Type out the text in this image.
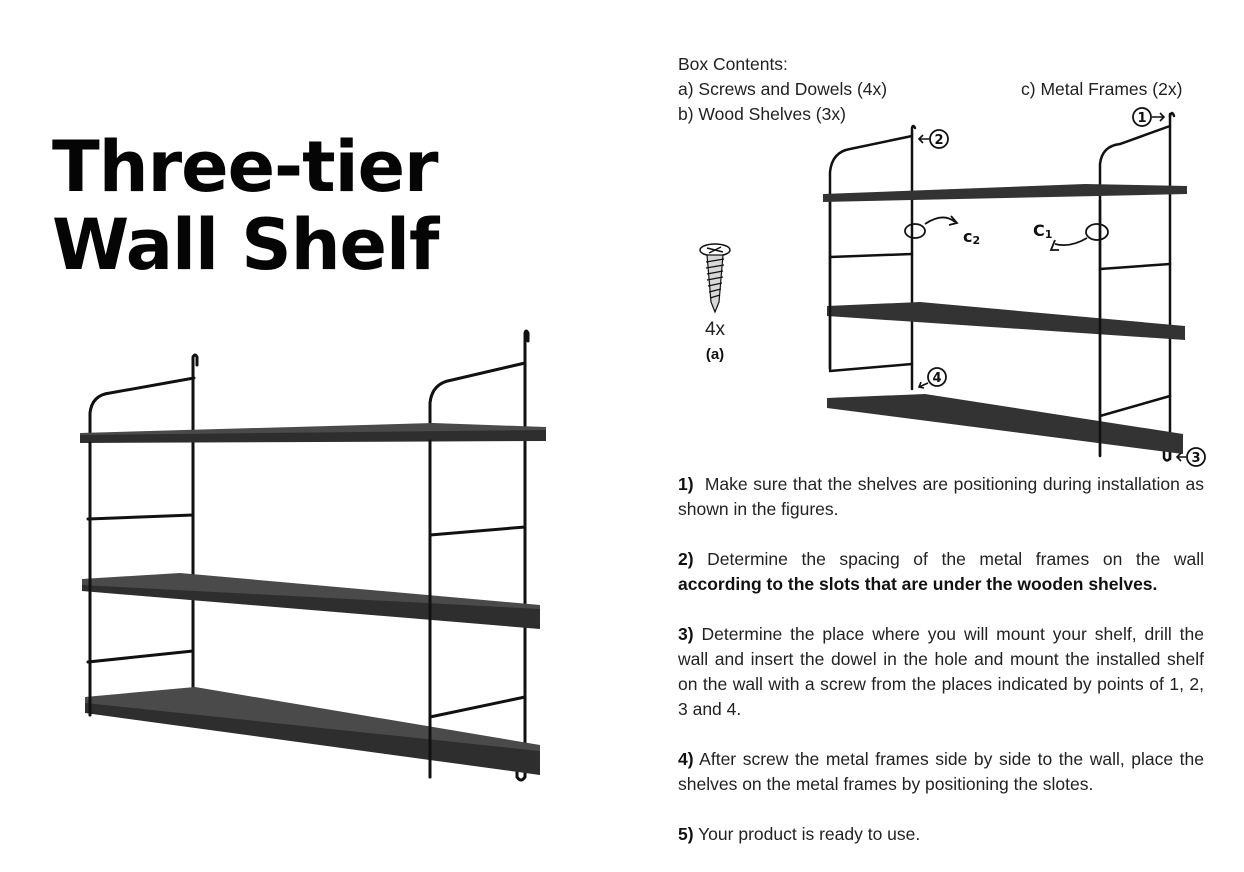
Three-tier
Wall Shelf
Box Contents:
a) Screws and Dowels (4x)
b) Wood Shelves (3x)
c) Metal Frames (2x)
4x
(a)
c2
C1
1
2
4
3

1) Make sure that the shelves are positioning during installation as shown in the figures.

2) Determine the spacing of the metal frames on the wall according to the slots that are under the wooden shelves.

3) Determine the place where you will mount your shelf, drill the wall and insert the dowel in the hole and mount the installed shelf on the wall with a screw from the places indicated by points of 1, 2, 3 and 4.

4) After screw the metal frames side by side to the wall, place the shelves on the metal frames by positioning the slotes.

5) Your product is ready to use.
